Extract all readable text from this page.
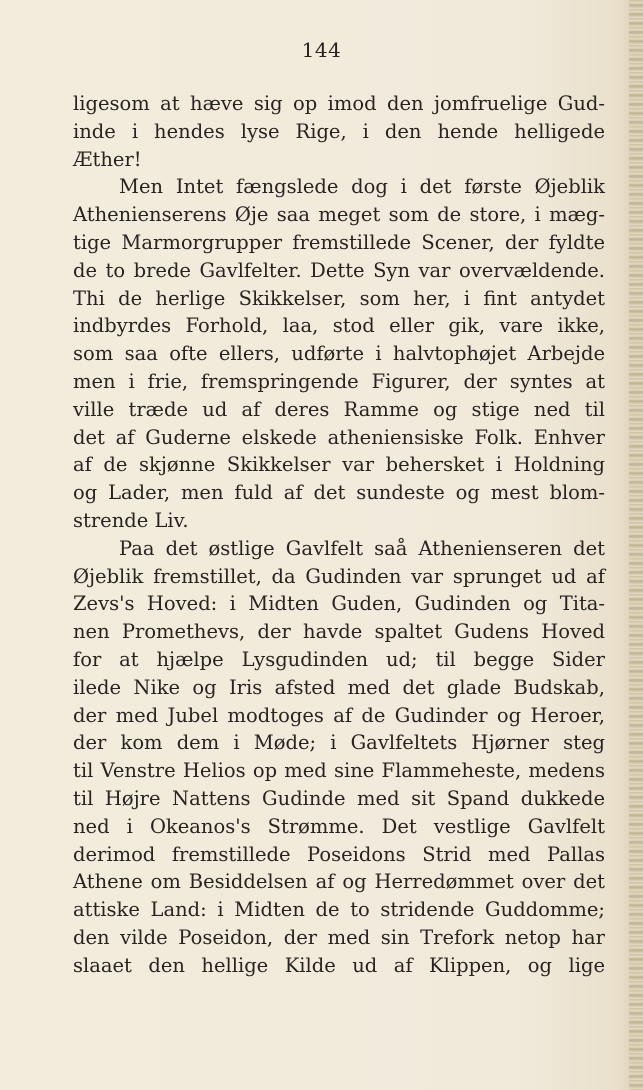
144
ligesom at hæve sig op imod den jomfruelige Gud-
inde i hendes lyse Rige, i den hende helligede
Æther!
Men Intet fængslede dog i det første Øjeblik
Athenienserens Øje saa meget som de store, i mæg-
tige Marmorgrupper fremstillede Scener, der fyldte
de to brede Gavlfelter. Dette Syn var overvældende.
Thi de herlige Skikkelser, som her, i fint antydet
indbyrdes Forhold, laa, stod eller gik, vare ikke,
som saa ofte ellers, udførte i halvtophøjet Arbejde
men i frie, fremspringende Figurer, der syntes at
ville træde ud af deres Ramme og stige ned til
det af Guderne elskede atheniensiske Folk. Enhver
af de skjønne Skikkelser var behersket i Holdning
og Lader, men fuld af det sundeste og mest blom-
strende Liv.
Paa det østlige Gavlfelt saå Athenienseren det
Øjeblik fremstillet, da Gudinden var sprunget ud af
Zevs's Hoved: i Midten Guden, Gudinden og Tita-
nen Promethevs, der havde spaltet Gudens Hoved
for at hjælpe Lysgudinden ud; til begge Sider
ilede Nike og Iris afsted med det glade Budskab,
der med Jubel modtoges af de Gudinder og Heroer,
der kom dem i Møde; i Gavlfeltets Hjørner steg
til Venstre Helios op med sine Flammeheste, medens
til Højre Nattens Gudinde med sit Spand dukkede
ned i Okeanos's Strømme. Det vestlige Gavlfelt
derimod fremstillede Poseidons Strid med Pallas
Athene om Besiddelsen af og Herredømmet over det
attiske Land: i Midten de to stridende Guddomme;
den vilde Poseidon, der med sin Trefork netop har
slaaet den hellige Kilde ud af Klippen, og lige
